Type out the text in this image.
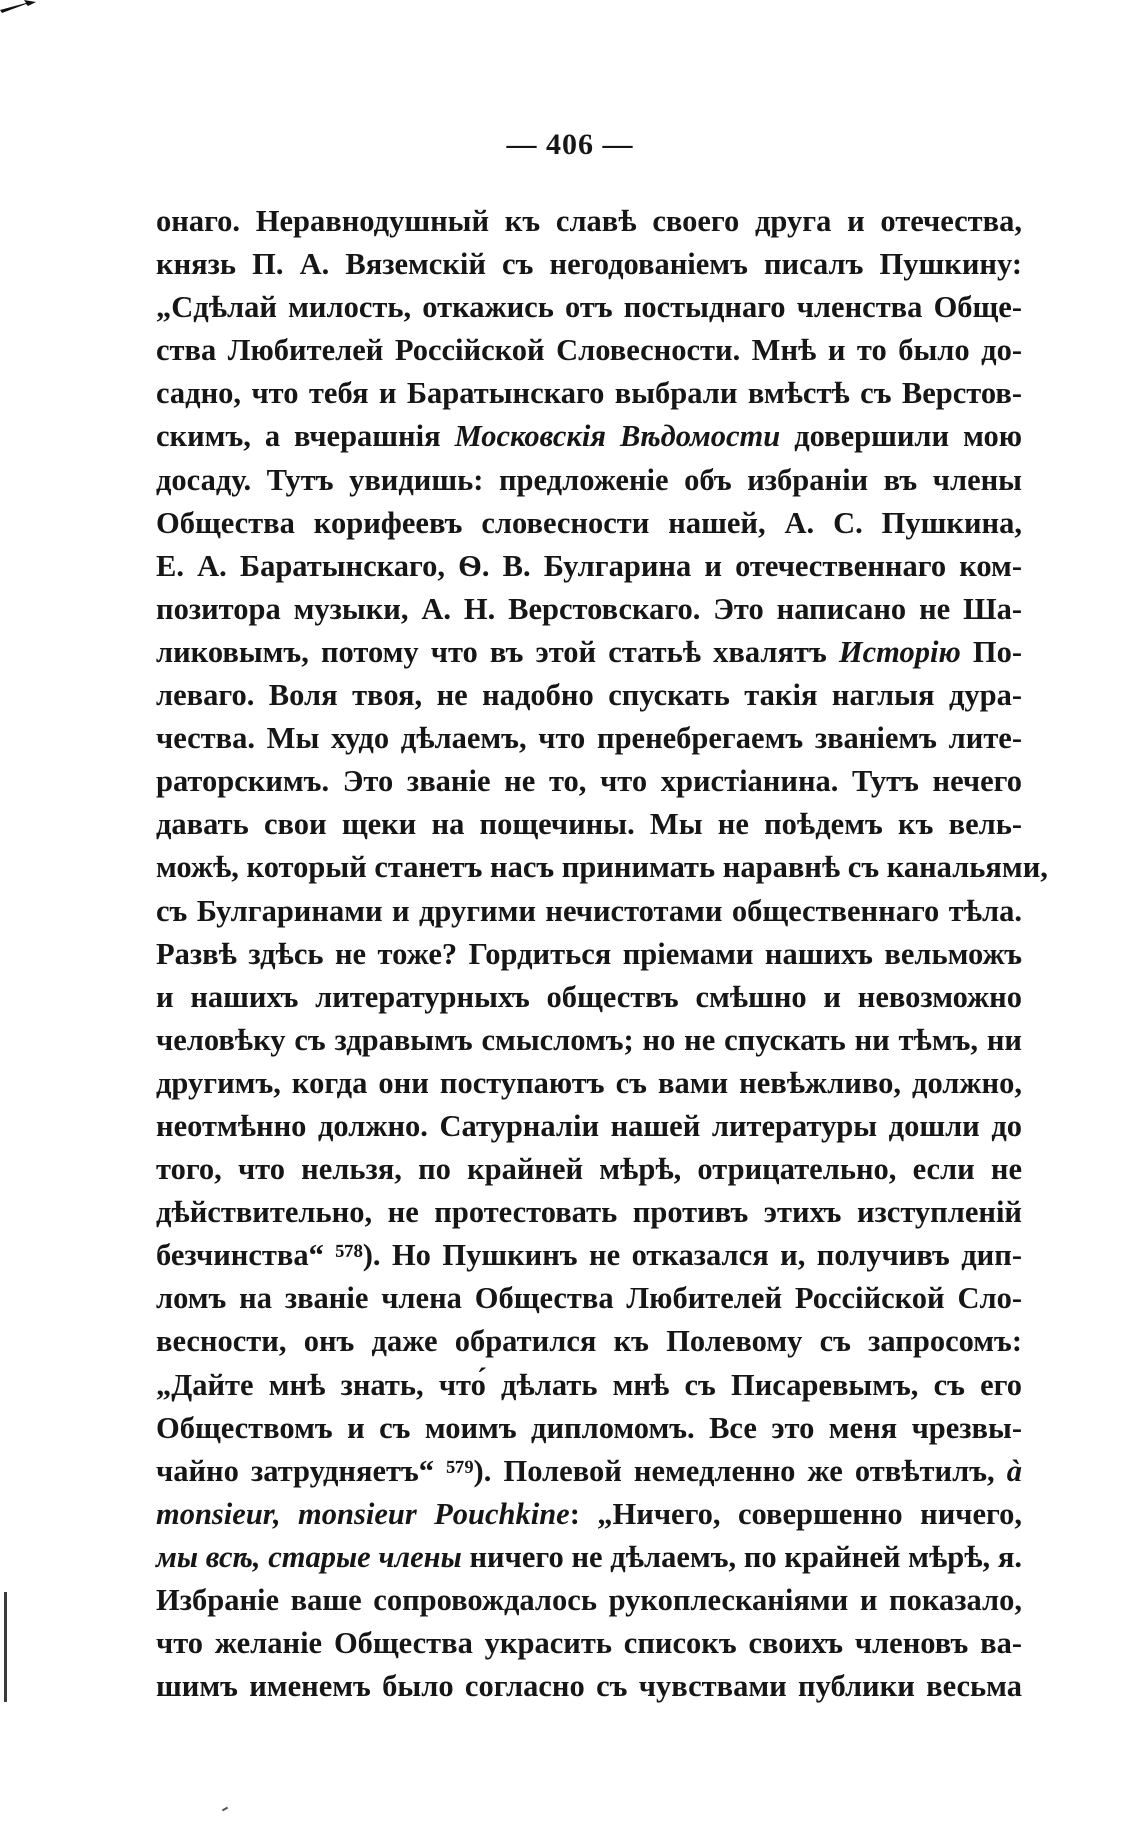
— 406 —
онаго. Неравнодушный къ славѣ своего друга и отечества,
князь П. А. Вяземскій съ негодованіемъ писалъ Пушкину:
„Сдѣлай милость, откажись отъ постыднаго членства Обще-
ства Любителей Россійской Словесности. Мнѣ и то было до-
садно, что тебя и Баратынскаго выбрали вмѣстѣ съ Верстов-
скимъ, а вчерашнія Московскія Вѣдомости довершили мою
досаду. Тутъ увидишь: предложеніе объ избраніи въ члены
Общества корифеевъ словесности нашей, А. С. Пушкина,
Е. А. Баратынскаго, Ѳ. В. Булгарина и отечественнаго ком-
позитора музыки, А. Н. Верстовскаго. Это написано не Ша-
ликовымъ, потому что въ этой статьѣ хвалятъ Исторію По-
леваго. Воля твоя, не надобно спускать такія наглыя дура-
чества. Мы худо дѣлаемъ, что пренебрегаемъ званіемъ лите-
раторскимъ. Это званіе не то, что христіанина. Тутъ нечего
давать свои щеки на пощечины. Мы не поѣдемъ къ вель-
можѣ, который станетъ насъ принимать наравнѣ съ канальями,
съ Булгаринами и другими нечистотами общественнаго тѣла.
Развѣ здѣсь не тоже? Гордиться пріемами нашихъ вельможъ
и нашихъ литературныхъ обществъ смѣшно и невозможно
человѣку съ здравымъ смысломъ; но не спускать ни тѣмъ, ни
другимъ, когда они поступаютъ съ вами невѣжливо, должно,
неотмѣнно должно. Сатурналіи нашей литературы дошли до
того, что нельзя, по крайней мѣрѣ, отрицательно, если не
дѣйствительно, не протестовать противъ этихъ изступленій
безчинства“ ⁵⁷⁸). Но Пушкинъ не отказался и, получивъ дип-
ломъ на званіе члена Общества Любителей Россійской Сло-
весности, онъ даже обратился къ Полевому съ запросомъ:
„Дайте мнѣ знать, что́ дѣлать мнѣ съ Писаревымъ, съ его
Обществомъ и съ моимъ дипломомъ. Все это меня чрезвы-
чайно затрудняетъ“ ⁵⁷⁹). Полевой немедленно же отвѣтилъ, à
monsieur, monsieur Pouchkine: „Ничего, совершенно ничего,
мы всѣ, старые члены ничего не дѣлаемъ, по крайней мѣрѣ, я.
Избраніе ваше сопровождалось рукоплесканіями и показало,
что желаніе Общества украсить списокъ своихъ членовъ ва-
шимъ именемъ было согласно съ чувствами публики весьма
